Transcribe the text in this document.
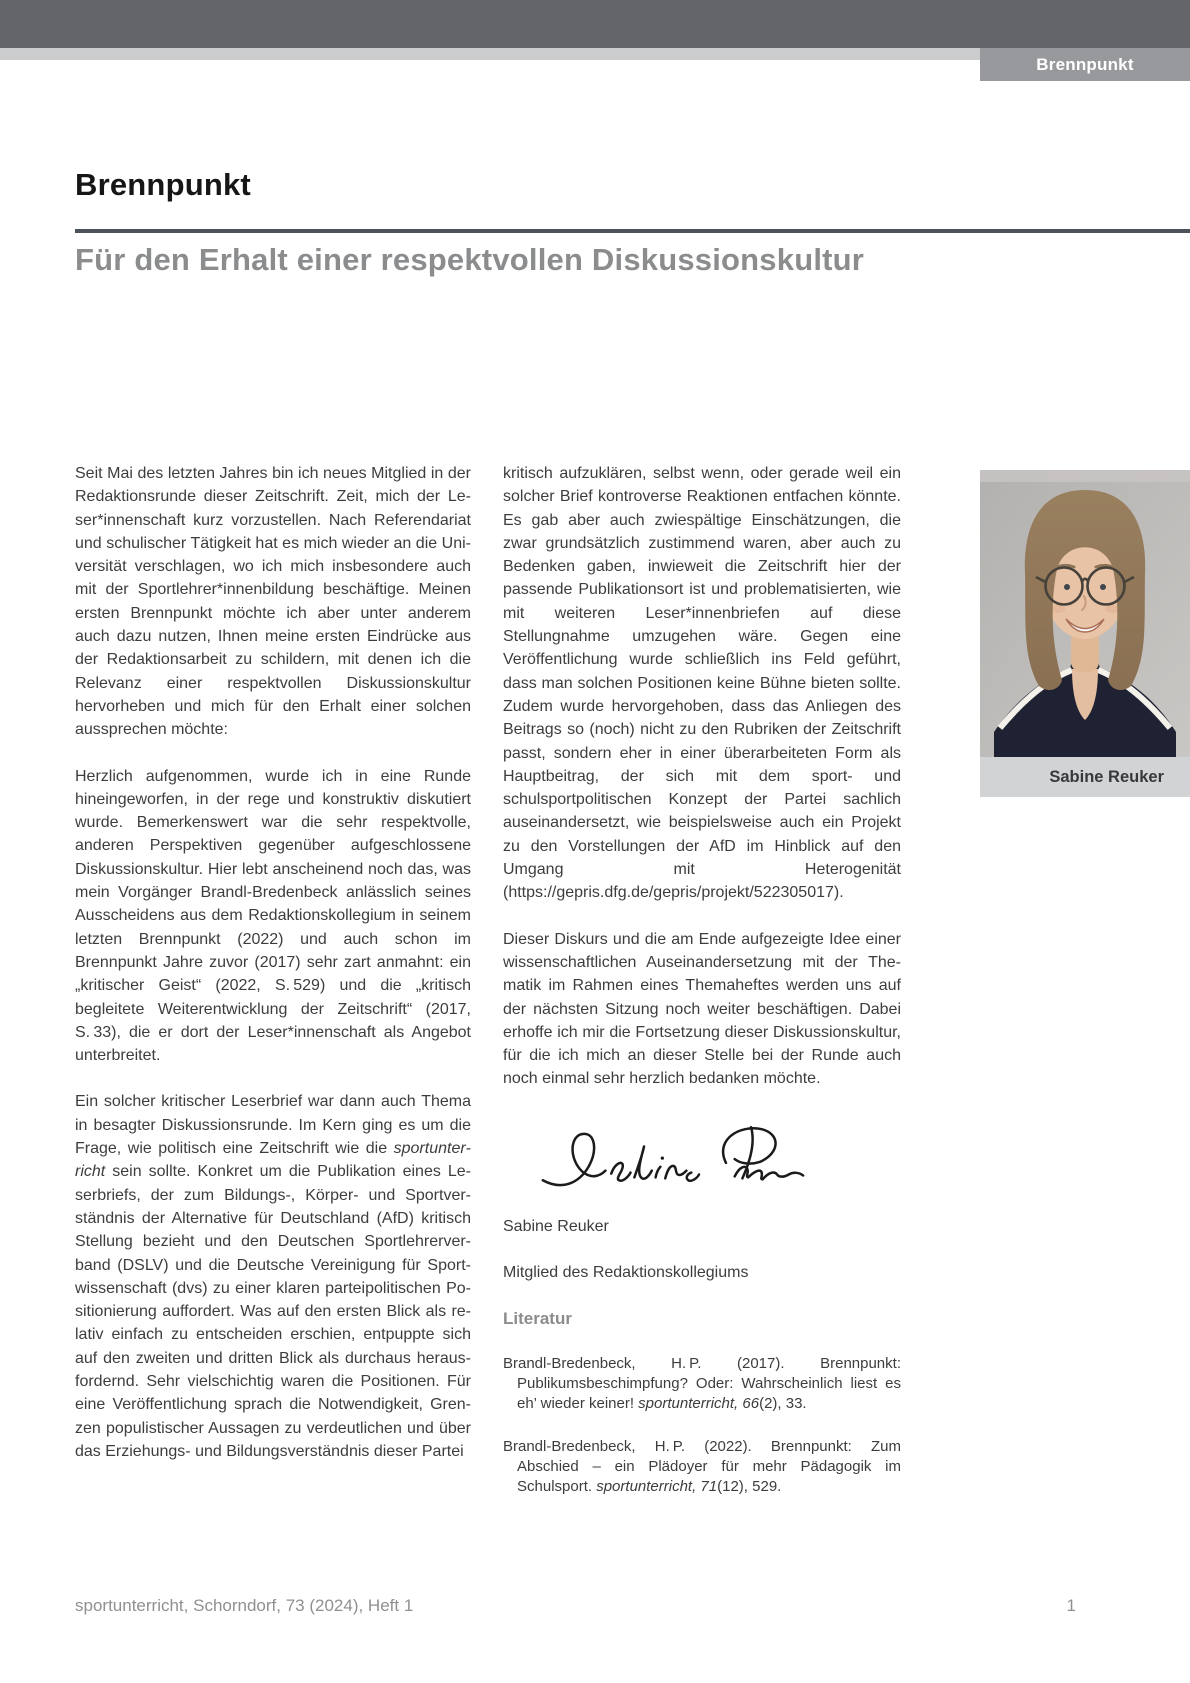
Brennpunkt
Brennpunkt
Für den Erhalt einer respektvollen Diskussionskultur

Seit Mai des letzten Jahres bin ich neues Mitglied in der Redaktionsrunde dieser Zeitschrift. Zeit, mich der Leser*innenschaft kurz vorzustellen. Nach Referendariat und schulischer Tätigkeit hat es mich wieder an die Universität verschlagen, wo ich mich insbesondere auch mit der Sportlehrer*innenbildung beschäftige. Meinen ersten Brennpunkt möchte ich aber unter anderem auch dazu nutzen, Ihnen meine ersten Eindrücke aus der Redaktionsarbeit zu schildern, mit denen ich die Relevanz einer respektvollen Diskussionskultur hervorheben und mich für den Erhalt einer solchen aussprechen möchte:

Herzlich aufgenommen, wurde ich in eine Runde hineingeworfen, in der rege und konstruktiv diskutiert wurde. Bemerkenswert war die sehr respektvolle, anderen Perspektiven gegenüber aufgeschlossene Diskussionskultur. Hier lebt anscheinend noch das, was mein Vorgänger Brandl-Bredenbeck anlässlich seines Ausscheidens aus dem Redaktionskollegium in seinem letzten Brennpunkt (2022) und auch schon im Brennpunkt Jahre zuvor (2017) sehr zart anmahnt: ein „kritischer Geist“ (2022, S. 529) und die „kritisch begleitete Weiterentwicklung der Zeitschrift“ (2017, S. 33), die er dort der Leser*innenschaft als Angebot unterbreitet.

Ein solcher kritischer Leserbrief war dann auch Thema in besagter Diskussionsrunde. Im Kern ging es um die Frage, wie politisch eine Zeitschrift wie die sportunterricht sein sollte. Konkret um die Publikation eines Leserbriefs, der zum Bildungs-, Körper- und Sportverständnis der Alternative für Deutschland (AfD) kritisch Stellung bezieht und den Deutschen Sportlehrerverband (DSLV) und die Deutsche Vereinigung für Sportwissenschaft (dvs) zu einer klaren parteipolitischen Positionierung auffordert. Was auf den ersten Blick als relativ einfach zu entscheiden erschien, entpuppte sich auf den zweiten und dritten Blick als durchaus herausfordernd. Sehr vielschichtig waren die Positionen. Für eine Veröffentlichung sprach die Notwendigkeit, Grenzen populistischer Aussagen zu verdeutlichen und über das Erziehungs- und Bildungsverständnis dieser Partei

kritisch aufzuklären, selbst wenn, oder gerade weil ein solcher Brief kontroverse Reaktionen entfachen könnte. Es gab aber auch zwiespältige Einschätzungen, die zwar grundsätzlich zustimmend waren, aber auch zu Bedenken gaben, inwieweit die Zeitschrift hier der passende Publikationsort ist und problematisierten, wie mit weiteren Leser*innenbriefen auf diese Stellungnahme umzugehen wäre. Gegen eine Veröffentlichung wurde schließlich ins Feld geführt, dass man solchen Positionen keine Bühne bieten sollte. Zudem wurde hervorgehoben, dass das Anliegen des Beitrags so (noch) nicht zu den Rubriken der Zeitschrift passt, sondern eher in einer überarbeiteten Form als Hauptbeitrag, der sich mit dem sport- und schulsportpolitischen Konzept der Partei sachlich auseinandersetzt, wie beispielsweise auch ein Projekt zu den Vorstellungen der AfD im Hinblick auf den Umgang mit Heterogenität (https://gepris.dfg.de/gepris/projekt/522305017).

Dieser Diskurs und die am Ende aufgezeigte Idee einer wissenschaftlichen Auseinandersetzung mit der Thematik im Rahmen eines Themaheftes werden uns auf der nächsten Sitzung noch weiter beschäftigen. Dabei erhoffe ich mir die Fortsetzung dieser Diskussionskultur, für die ich mich an dieser Stelle bei der Runde auch noch einmal sehr herzlich bedanken möchte.

Sabine Reuker

Mitglied des Redaktionskollegiums

Literatur

Brandl-Bredenbeck, H. P. (2017). Brennpunkt: Publikumsbeschimpfung? Oder: Wahrscheinlich liest es eh’ wieder keiner! sportunterricht, 66(2), 33.

Brandl-Bredenbeck, H. P. (2022). Brennpunkt: Zum Abschied – ein Plädoyer für mehr Pädagogik im Schulsport. sportunterricht, 71(12), 529.

Sabine Reuker
sportunterricht, Schorndorf, 73 (2024), Heft 1	1
